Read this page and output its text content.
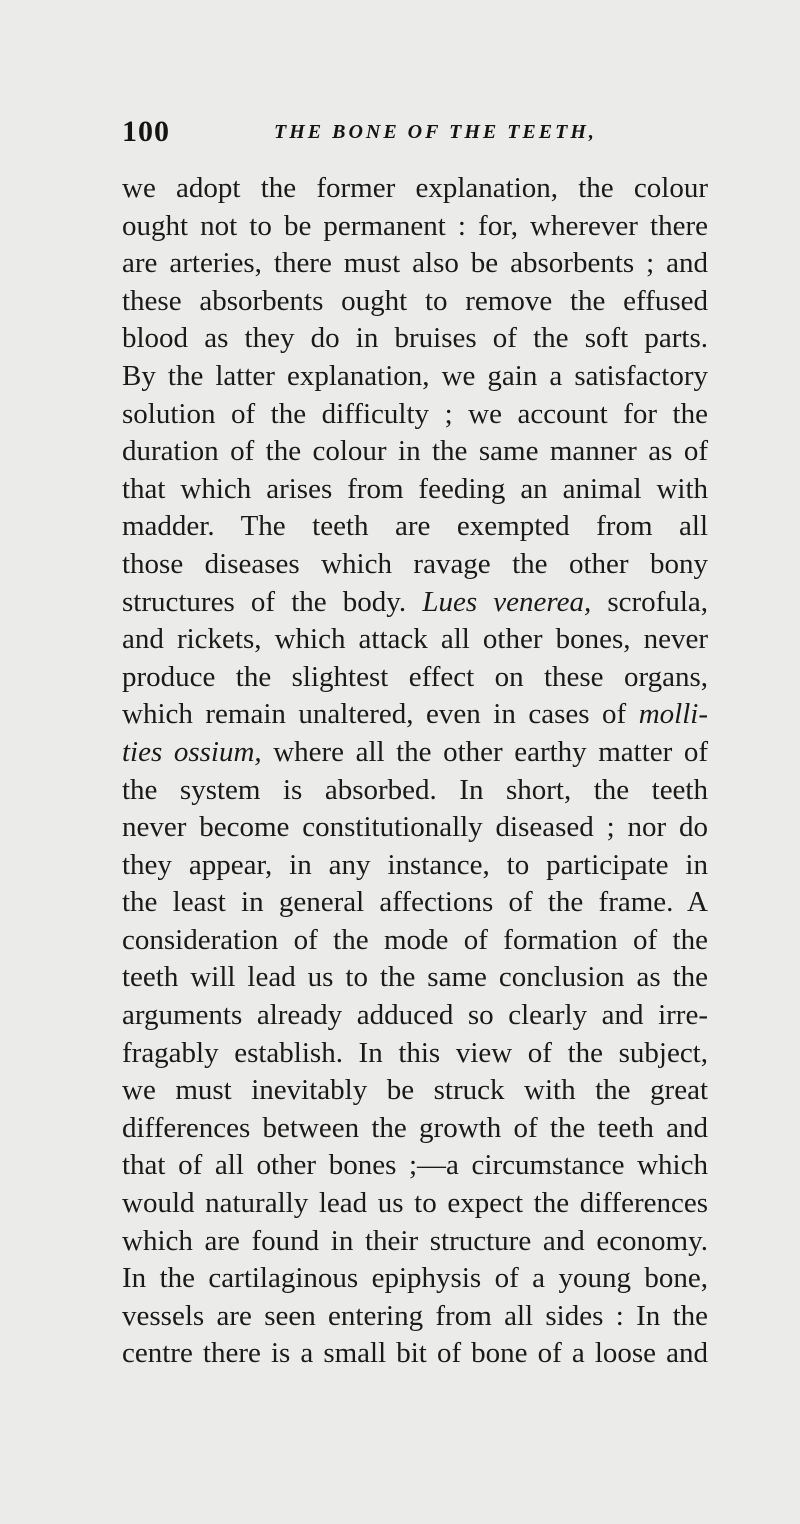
100	THE BONE OF THE TEETH,
we adopt the former explanation, the colour
ought not to be permanent : for, wherever there
are arteries, there must also be absorbents ; and
these absorbents ought to remove the effused
blood as they do in bruises of the soft parts.
By the latter explanation, we gain a satisfactory
solution of the difficulty ; we account for the
duration of the colour in the same manner as of
that which arises from feeding an animal with
madder. The teeth are exempted from all
those diseases which ravage the other bony
structures of the body. Lues venerea, scrofula,
and rickets, which attack all other bones, never
produce the slightest effect on these organs,
which remain unaltered, even in cases of molli-
ties ossium, where all the other earthy matter of
the system is absorbed. In short, the teeth
never become constitutionally diseased ; nor do
they appear, in any instance, to participate in
the least in general affections of the frame. A
consideration of the mode of formation of the
teeth will lead us to the same conclusion as the
arguments already adduced so clearly and irre-
fragably establish. In this view of the subject,
we must inevitably be struck with the great
differences between the growth of the teeth and
that of all other bones ;—a circumstance which
would naturally lead us to expect the differences
which are found in their structure and economy.
In the cartilaginous epiphysis of a young bone,
vessels are seen entering from all sides : In the
centre there is a small bit of bone of a loose and
